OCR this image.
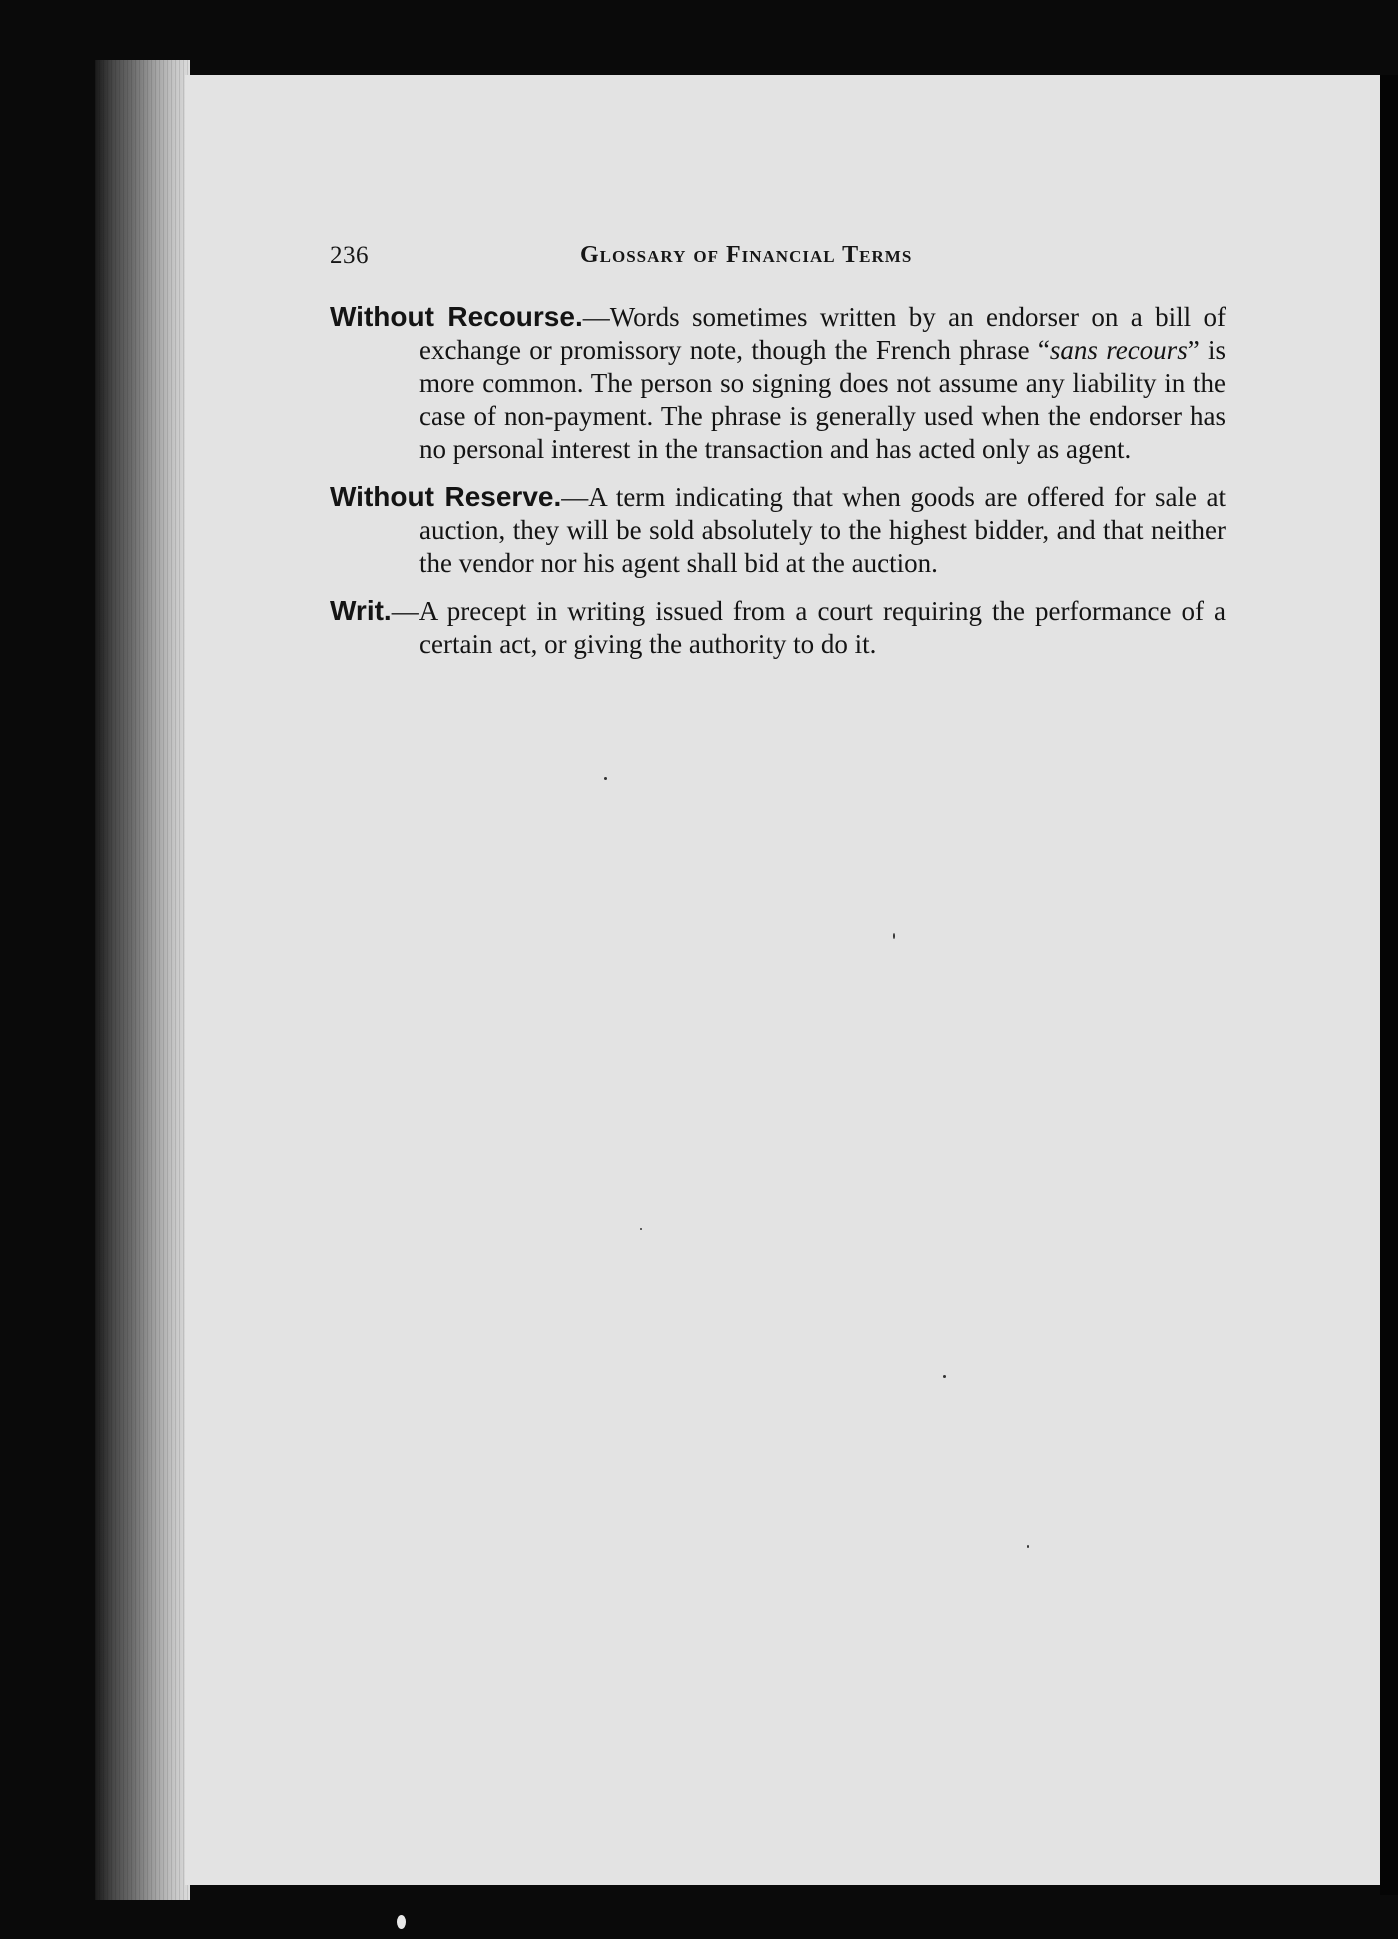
236	Glossary of Financial Terms

Without Recourse.—Words sometimes written by an endorser on a bill of exchange or promissory note, though the French phrase “sans recours” is more common. The person so signing does not assume any liability in the case of non-payment. The phrase is generally used when the endorser has no personal interest in the transaction and has acted only as agent.

Without Reserve.—A term indicating that when goods are offered for sale at auction, they will be sold absolutely to the highest bidder, and that neither the vendor nor his agent shall bid at the auction.

Writ.—A precept in writing issued from a court requiring the performance of a certain act, or giving the authority to do it.
